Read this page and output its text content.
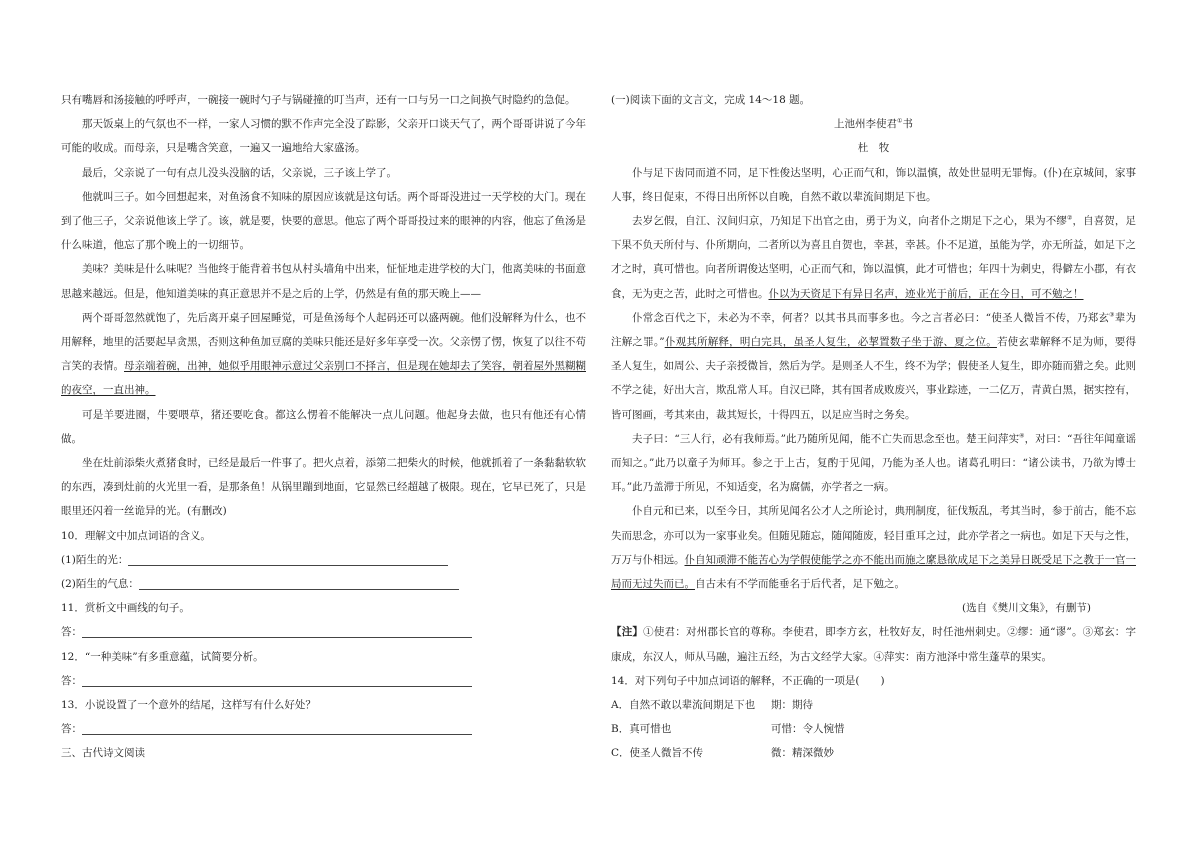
只有嘴唇和汤接触的呼呼声，一碗接一碗时勺子与锅碰撞的叮当声，还有一口与另一口之间换气时隐约的急促。

那天饭桌上的气氛也不一样，一家人习惯的默不作声完全没了踪影，父亲开口谈天气了，两个哥哥讲说了今年可能的收成。而母亲，只是嘴含笑意，一遍又一遍地给大家盛汤。

最后，父亲说了一句有点儿没头没脑的话，父亲说，三子该上学了。

他就叫三子。如今回想起来，对鱼汤食不知味的原因应该就是这句话。两个哥哥没进过一天学校的大门。现在到了他三子，父亲说他该上学了。该，就是要，快要的意思。他忘了两个哥哥投过来的眼神的内容，他忘了鱼汤是什么味道，他忘了那个晚上的一切细节。

美味？美味是什么味呢？当他终于能背着书包从村头墙角中出来，怔怔地走进学校的大门，他离美味的书面意思越来越远。但是，他知道美味的真正意思并不是之后的上学，仍然是有鱼的那天晚上——

两个哥哥忽然就饱了，先后离开桌子回屋睡觉，可是鱼汤每个人起码还可以盛两碗。他们没解释为什么，也不用解释，地里的活要起早贪黑，否则这种鱼加豆腐的美味只能还是好多年享受一次。父亲愣了愣，恢复了以往不苟言笑的表情。母亲端着碗，出神，她似乎用眼神示意过父亲别口不择言，但是现在她却去了笑容，朝着屋外黑糊糊的夜空，一直出神。

可是羊要进圈，牛要喂草，猪还要吃食。都这么愣着不能解决一点儿问题。他起身去做，也只有他还有心情做。

坐在灶前添柴火煮猪食时，已经是最后一件事了。把火点着，添第二把柴火的时候，他就抓着了一条黏黏软软的东西，凑到灶前的火光里一看，是那条鱼！从锅里蹦到地面，它显然已经超越了极限。现在，它早已死了，只是眼里还闪着一丝诡异的光。(有删改)

10．理解文中加点词语的含义。

(1)陌生的光：

(2)陌生的气息：

11．赏析文中画线的句子。

答：

12．“一种美味”有多重意蕴，试简要分析。

答：

13．小说设置了一个意外的结尾，这样写有什么好处？

答：

三、古代诗文阅读

(一)阅读下面的文言文，完成 14～18 题。

上池州李使君①书

杜　牧

仆与足下齿同而道不同，足下性俊达坚明，心正而气和，饰以温慎，故处世显明无罪悔。(仆)在京城间，家事人事，终日促束，不得日出所怀以自晚，自然不敢以辈流间期足下也。

去岁乞假，自江、汉间归京，乃知足下出官之由，勇于为义，向者仆之期足下之心，果为不缪②，自喜贺，足下果不负天所付与、仆所期向，二者所以为喜且自贺也，幸甚，幸甚。仆不足道，虽能为学，亦无所益，如足下之才之时，真可惜也。向者所谓俊达坚明，心正而气和，饰以温慎，此才可惜也；年四十为刺史，得僻左小郡，有衣食，无为吏之苦，此时之可惜也。仆以为天资足下有异日名声，迹业光于前后，正在今日，可不勉之！

仆常念百代之下，未必为不幸，何者？以其书具而事多也。今之言者必曰：“使圣人微旨不传，乃郑玄③辈为注解之罪。”仆观其所解释，明白完具，虽圣人复生，必挈置数子坐于游、夏之位。若使玄辈解释不足为师，要得圣人复生，如周公、夫子亲授微旨，然后为学。是则圣人不生，终不为学；假使圣人复生，即亦随而猎之矣。此则不学之徒，好出大言，欺乱常人耳。自汉已降，其有国者成败废兴，事业踪迹，一二亿万，青黄白黑，据实控有，皆可图画，考其来由，裁其短长，十得四五，以足应当时之务矣。

夫子曰：“三人行，必有我师焉。”此乃随所见闻，能不亡失而思念至也。楚王问萍实④，对曰：“吾往年闻童谣而知之。”此乃以童子为师耳。参之于上古，复酌于见闻，乃能为圣人也。诸葛孔明曰：“诸公读书，乃欲为博士耳。”此乃盖滞于所见，不知适变，名为腐儒，亦学者之一病。

仆自元和已来，以至今日，其所见闻名公才人之所论讨，典刑制度，征伐叛乱，考其当时，参于前古，能不忘失而思念，亦可以为一家事业矣。但随见随忘，随闻随废，轻目重耳之过，此亦学者之一病也。如足下天与之性，万万与仆相远。仆自知顽滞不能苦心为学假使能学之亦不能出而施之縻恳欲成足下之美异日既受足下之教于一官一局而无过失而已。自古未有不学而能垂名于后代者，足下勉之。

(选自《樊川文集》，有删节)

【注】①使君：对州郡长官的尊称。李使君，即李方玄，杜牧好友，时任池州刺史。②缪：通“谬”。③郑玄：字康成，东汉人，师从马融，遍注五经，为古文经学大家。④萍实：南方池泽中常生蓬草的果实。

14．对下列句子中加点词语的解释，不正确的一项是(　　)

A．自然不敢以辈流间期足下也	期：期待
B．真可惜也	可惜：令人惋惜
C．使圣人微旨不传	微：精深微妙
